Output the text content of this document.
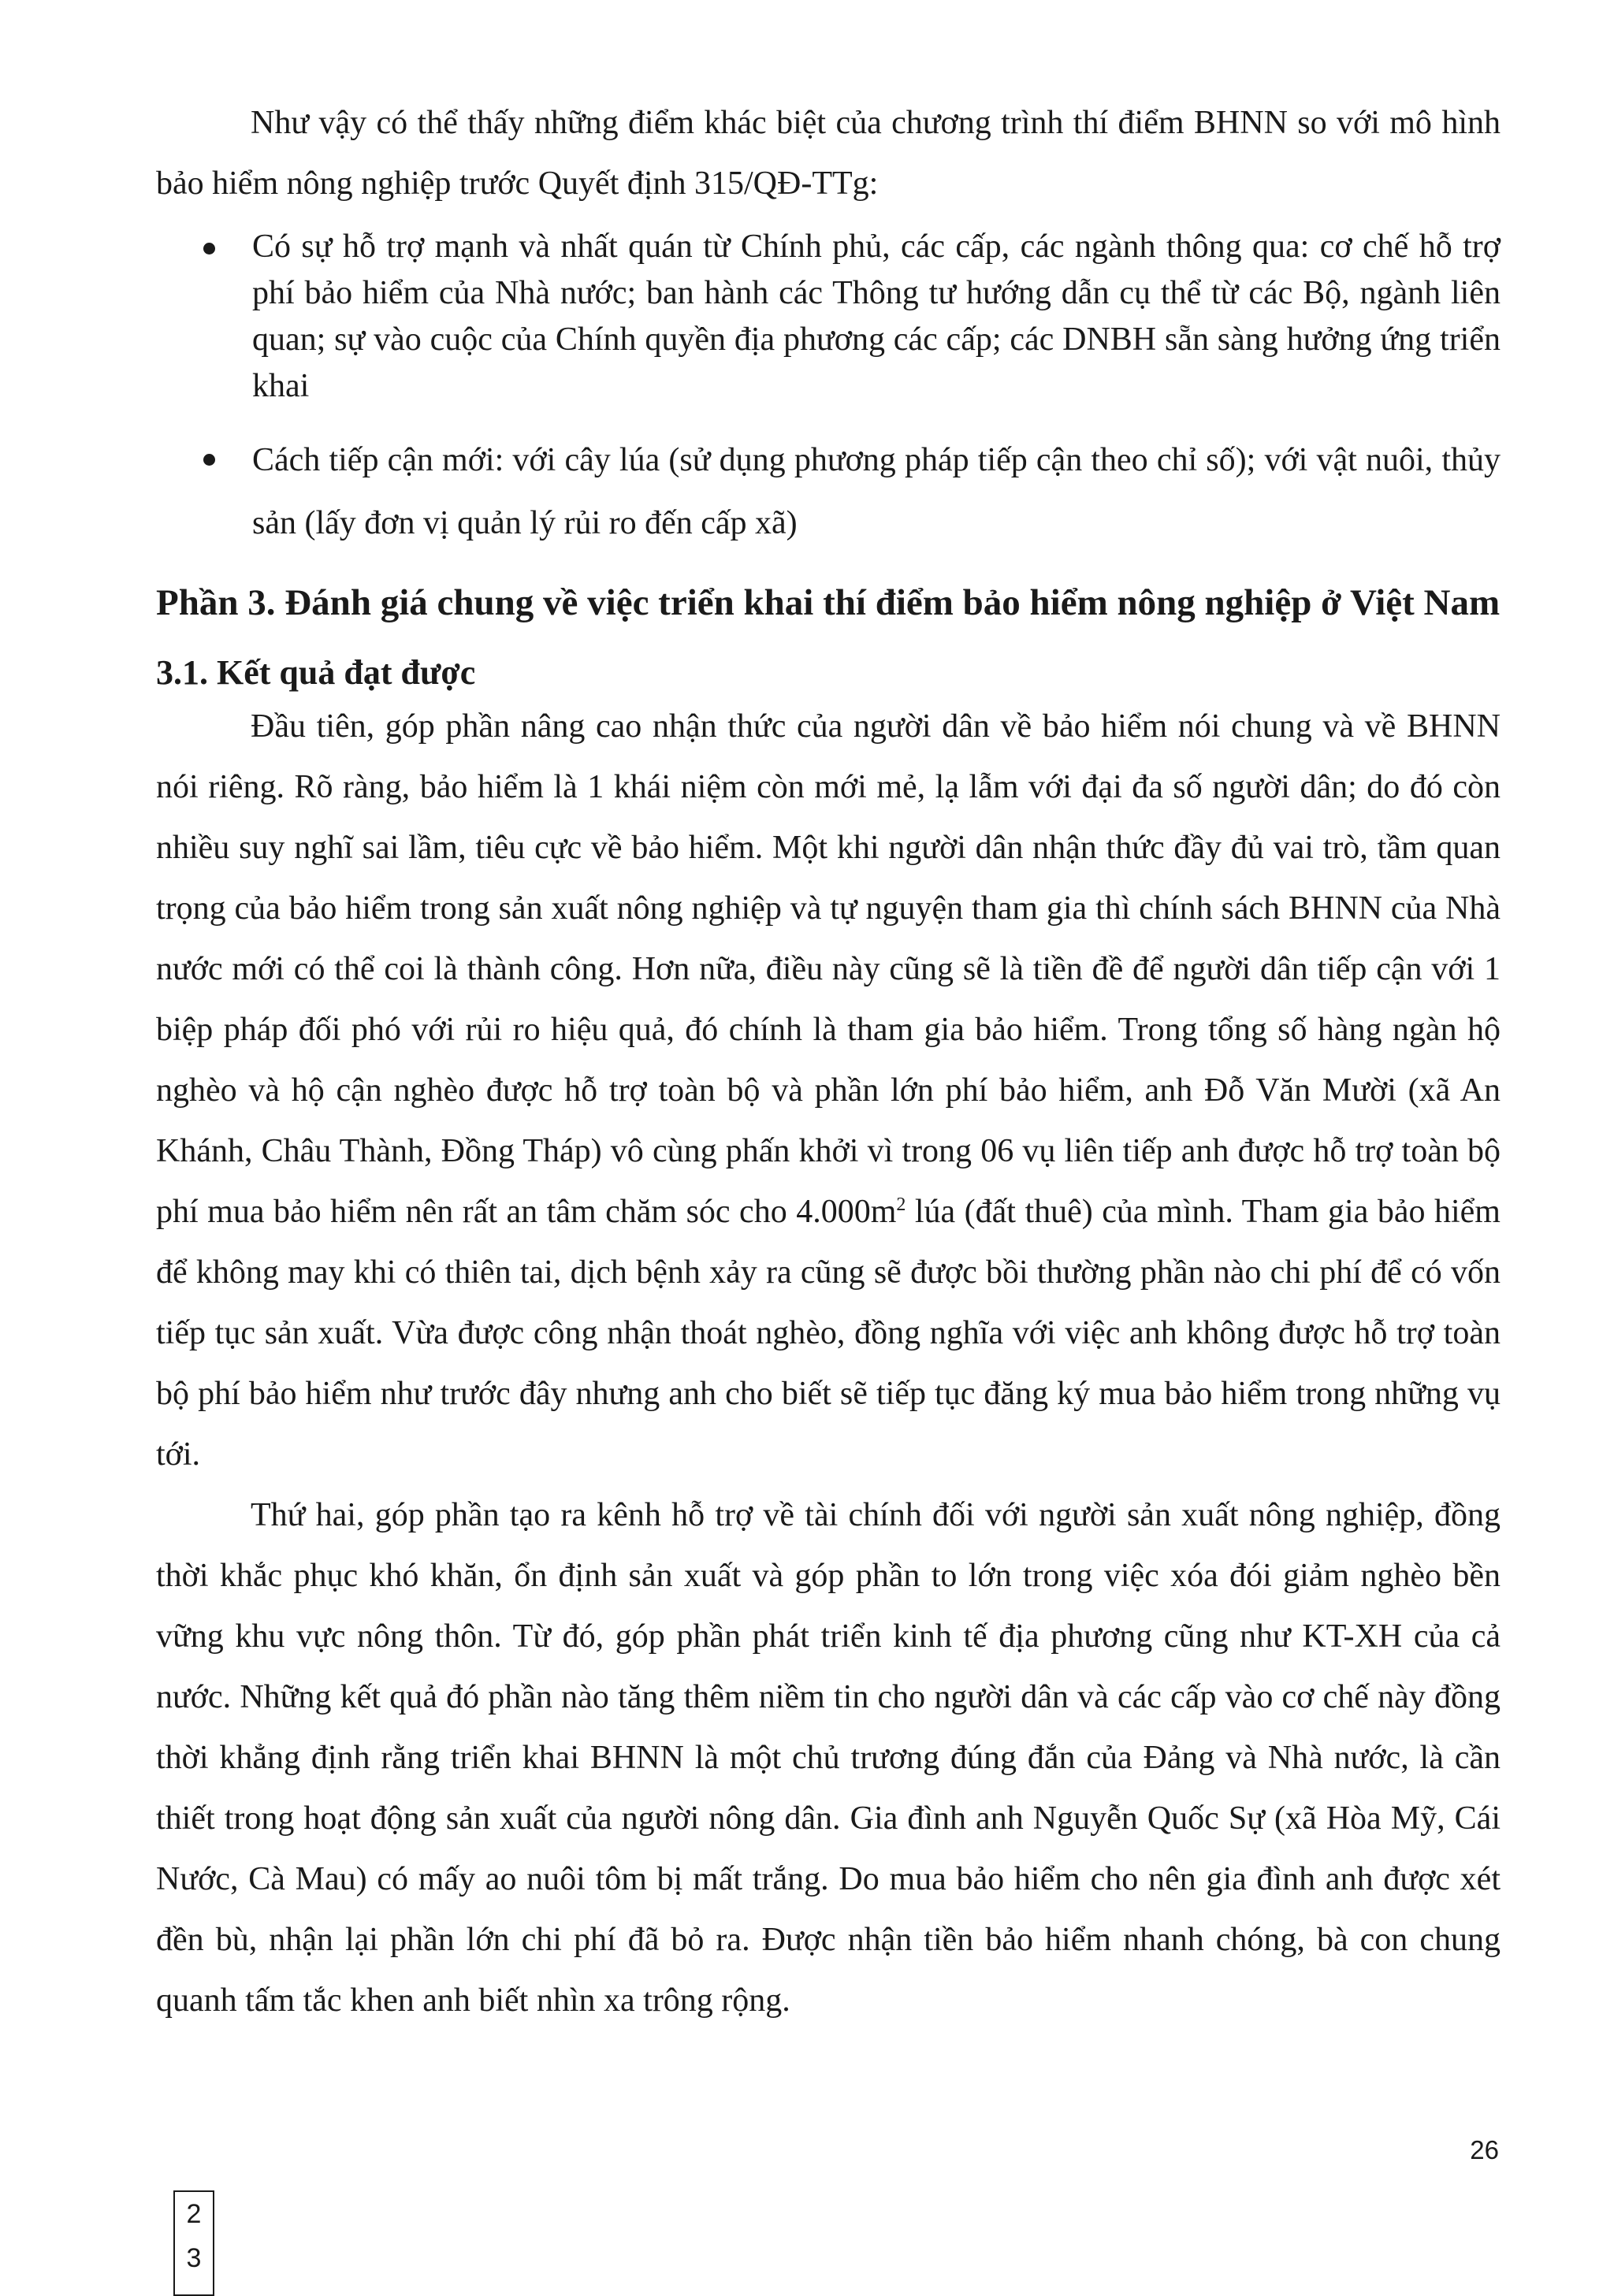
Như vậy có thể thấy những điểm khác biệt của chương trình thí điểm BHNN so với mô hình bảo hiểm nông nghiệp trước Quyết định 315/QĐ-TTg:

Có sự hỗ trợ mạnh và nhất quán từ Chính phủ, các cấp, các ngành thông qua: cơ chế hỗ trợ phí bảo hiểm của Nhà nước; ban hành các Thông tư hướng dẫn cụ thể từ các Bộ, ngành liên quan; sự vào cuộc của Chính quyền địa phương các cấp; các DNBH sẵn sàng hưởng ứng triển khai
Cách tiếp cận mới: với cây lúa (sử dụng phương pháp tiếp cận theo chỉ số); với vật nuôi, thủy sản (lấy đơn vị quản lý rủi ro đến cấp xã)
Phần 3. Đánh giá chung về việc triển khai thí điểm bảo hiểm nông nghiệp ở Việt Nam
3.1. Kết quả đạt được

Đầu tiên, góp phần nâng cao nhận thức của người dân về bảo hiểm nói chung và về BHNN nói riêng. Rõ ràng, bảo hiểm là 1 khái niệm còn mới mẻ, lạ lẫm với đại đa số người dân; do đó còn nhiều suy nghĩ sai lầm, tiêu cực về bảo hiểm. Một khi người dân nhận thức đầy đủ vai trò, tầm quan trọng của bảo hiểm trong sản xuất nông nghiệp và tự nguyện tham gia thì chính sách BHNN của Nhà nước mới có thể coi là thành công. Hơn nữa, điều này cũng sẽ là tiền đề để người dân tiếp cận với 1 biệp pháp đối phó với rủi ro hiệu quả, đó chính là tham gia bảo hiểm. Trong tổng số hàng ngàn hộ nghèo và hộ cận nghèo được hỗ trợ toàn bộ và phần lớn phí bảo hiểm, anh Đỗ Văn Mười (xã An Khánh, Châu Thành, Đồng Tháp) vô cùng phấn khởi vì trong 06 vụ liên tiếp anh được hỗ trợ toàn bộ phí mua bảo hiểm nên rất an tâm chăm sóc cho $4.000m^2$ lúa (đất thuê) của mình. Tham gia bảo hiểm để không may khi có thiên tai, dịch bệnh xảy ra cũng sẽ được bồi thường phần nào chi phí để có vốn tiếp tục sản xuất. Vừa được công nhận thoát nghèo, đồng nghĩa với việc anh không được hỗ trợ toàn bộ phí bảo hiểm như trước đây nhưng anh cho biết sẽ tiếp tục đăng ký mua bảo hiểm trong những vụ tới.

Thứ hai, góp phần tạo ra kênh hỗ trợ về tài chính đối với người sản xuất nông nghiệp, đồng thời khắc phục khó khăn, ổn định sản xuất và góp phần to lớn trong việc xóa đói giảm nghèo bền vững khu vực nông thôn. Từ đó, góp phần phát triển kinh tế địa phương cũng như KT-XH của cả nước. Những kết quả đó phần nào tăng thêm niềm tin cho người dân và các cấp vào cơ chế này đồng thời khẳng định rằng triển khai BHNN là một chủ trương đúng đắn của Đảng và Nhà nước, là cần thiết trong hoạt động sản xuất của người nông dân. Gia đình anh Nguyễn Quốc Sự (xã Hòa Mỹ, Cái Nước, Cà Mau) có mấy ao nuôi tôm bị mất trắng. Do mua bảo hiểm cho nên gia đình anh được xét đền bù, nhận lại phần lớn chi phí đã bỏ ra. Được nhận tiền bảo hiểm nhanh chóng, bà con chung quanh tấm tắc khen anh biết nhìn xa trông rộng.

26
2
3
